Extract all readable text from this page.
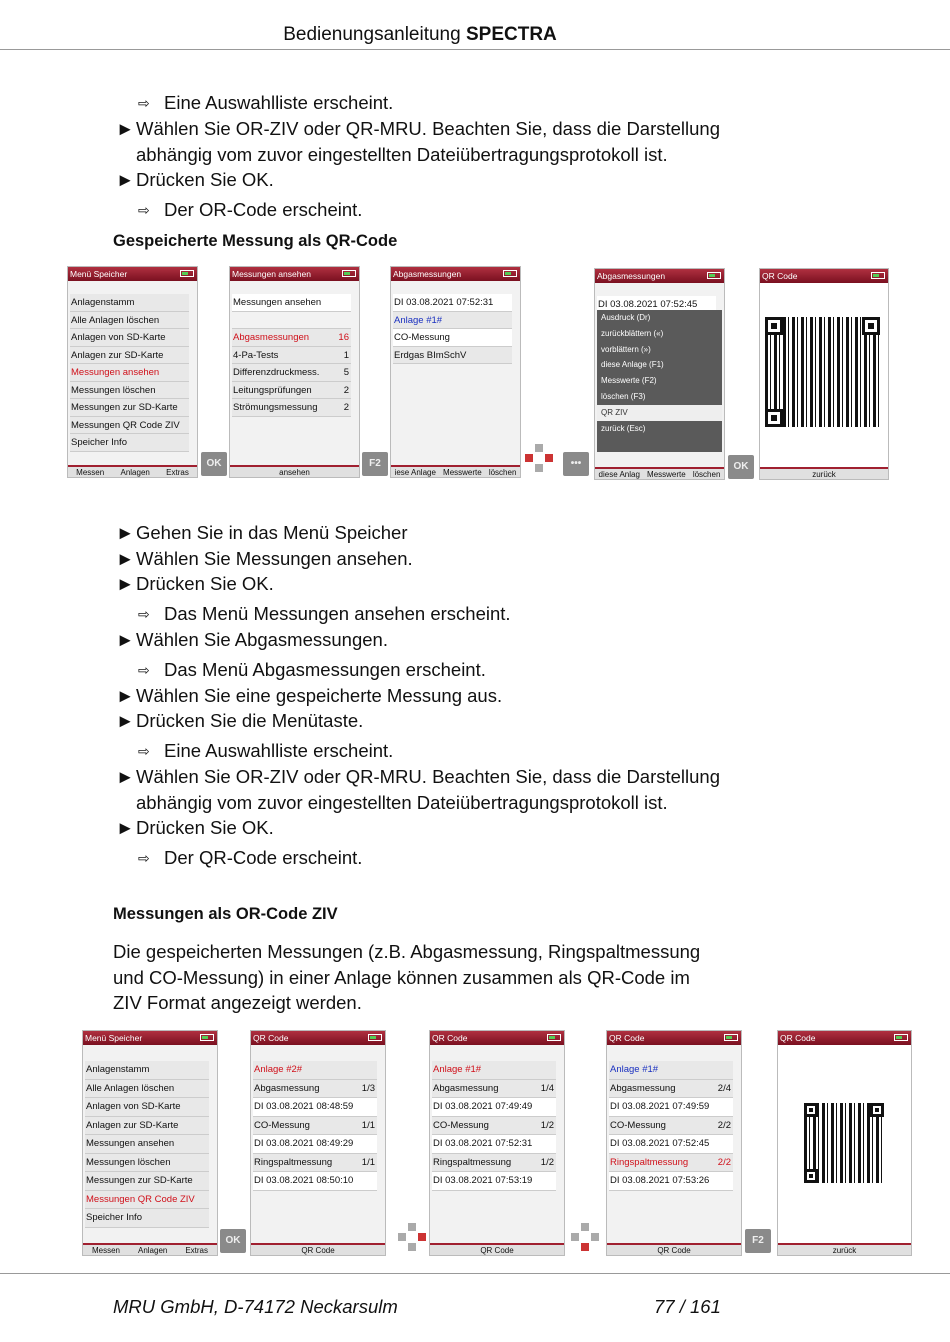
Bedienungsanleitung SPECTRA
⇨ Eine Auswahlliste erscheint.
► Wählen Sie OR-ZIV oder QR-MRU. Beachten Sie, dass die Darstellung
abhängig vom zuvor eingestellten Dateiübertragungsprotokoll ist.
► Drücken Sie OK.
⇨ Der OR-Code erscheint.
Gespeicherte Messung als QR-Code
Menü Speicher
Anlagenstamm
Alle Anlagen löschen
Anlagen von SD-Karte
Anlagen zur SD-Karte
Messungen ansehen
Messungen löschen
Messungen zur SD-Karte
Messungen QR Code ZIV
Speicher Info
Messen Anlagen Extras
OK
Messungen ansehen
Messungen ansehen
Abgasmessungen	16
4-Pa-Tests	1
Differenzdruckmess.	5
Leitungsprüfungen	2
Strömungsmessung	2
ansehen
F2
Abgasmessungen
DI 03.08.2021 07:52:31
Anlage #1#
CO-Messung
Erdgas BImSchV
iese Anlage Messwerte löschen
•••
Abgasmessungen
DI 03.08.2021 07:52:45
Ausdruck (Dr)
zurückblättern («)
vorblättern (»)
diese Anlage (F1)
Messwerte (F2)
löschen (F3)
QR ZIV
zurück (Esc)
diese Anlag Messwerte löschen
OK
QR Code
zurück
► Gehen Sie in das Menü Speicher
► Wählen Sie Messungen ansehen.
► Drücken Sie OK.
⇨ Das Menü Messungen ansehen erscheint.
► Wählen Sie Abgasmessungen.
⇨ Das Menü Abgasmessungen erscheint.
► Wählen Sie eine gespeicherte Messung aus.
► Drücken Sie die Menütaste.
⇨ Eine Auswahlliste erscheint.
► Wählen Sie OR-ZIV oder QR-MRU. Beachten Sie, dass die Darstellung
abhängig vom zuvor eingestellten Dateiübertragungsprotokoll ist.
► Drücken Sie OK.
⇨ Der QR-Code erscheint.
Messungen als OR-Code ZIV
Die gespeicherten Messungen (z.B. Abgasmessung, Ringspaltmessung
und CO-Messung) in einer Anlage können zusammen als QR-Code im
ZIV Format angezeigt werden.
Menü Speicher
Anlagenstamm
Alle Anlagen löschen
Anlagen von SD-Karte
Anlagen zur SD-Karte
Messungen ansehen
Messungen löschen
Messungen zur SD-Karte
Messungen QR Code ZIV
Speicher Info
Messen Anlagen Extras
OK
QR Code
Anlage #2#
Abgasmessung	1/3
DI 03.08.2021 08:48:59
CO-Messung	1/1
DI 03.08.2021 08:49:29
Ringspaltmessung	1/1
DI 03.08.2021 08:50:10
QR Code
QR Code
Anlage #1#
Abgasmessung	1/4
DI 03.08.2021 07:49:49
CO-Messung	1/2
DI 03.08.2021 07:52:31
Ringspaltmessung	1/2
DI 03.08.2021 07:53:19
QR Code
QR Code
Anlage #1#
Abgasmessung	2/4
DI 03.08.2021 07:49:59
CO-Messung	2/2
DI 03.08.2021 07:52:45
Ringspaltmessung	2/2
DI 03.08.2021 07:53:26
QR Code
F2
QR Code
zurück
MRU GmbH, D-74172 Neckarsulm	77 / 161
